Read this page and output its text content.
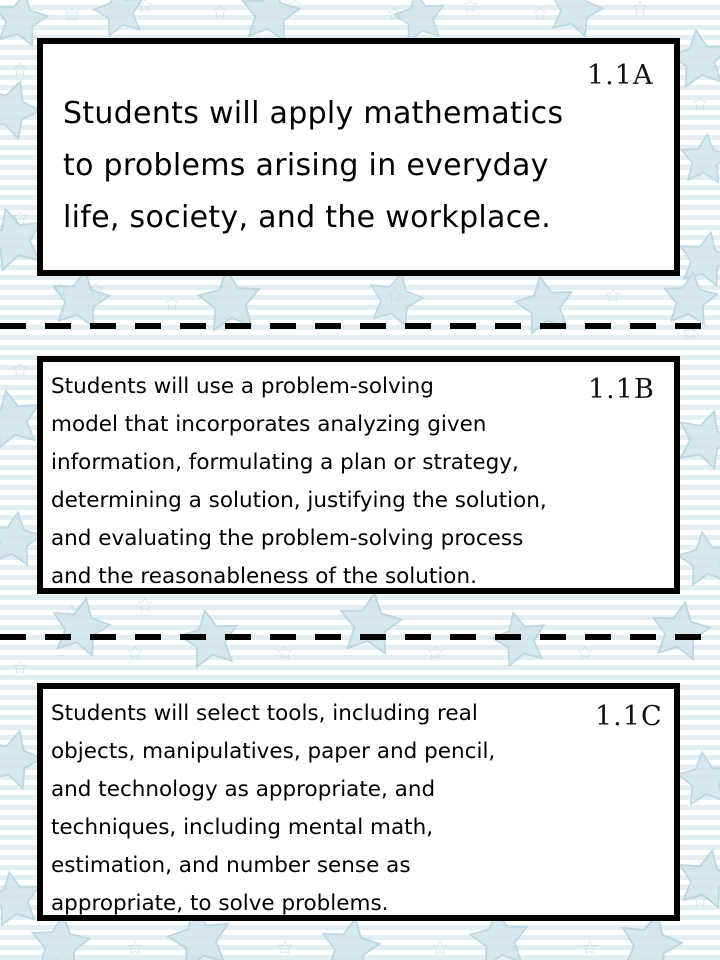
1.1A
Students will apply mathematics
to problems arising in everyday
life, society, and the workplace.
1.1B
Students will use a problem-solving
model that incorporates analyzing given
information, formulating a plan or strategy,
determining a solution, justifying the solution,
and evaluating the problem-solving process
and the reasonableness of the solution.
1.1C
Students will select tools, including real
objects, manipulatives, paper and pencil,
and technology as appropriate, and
techniques, including mental math,
estimation, and number sense as
appropriate, to solve problems.
